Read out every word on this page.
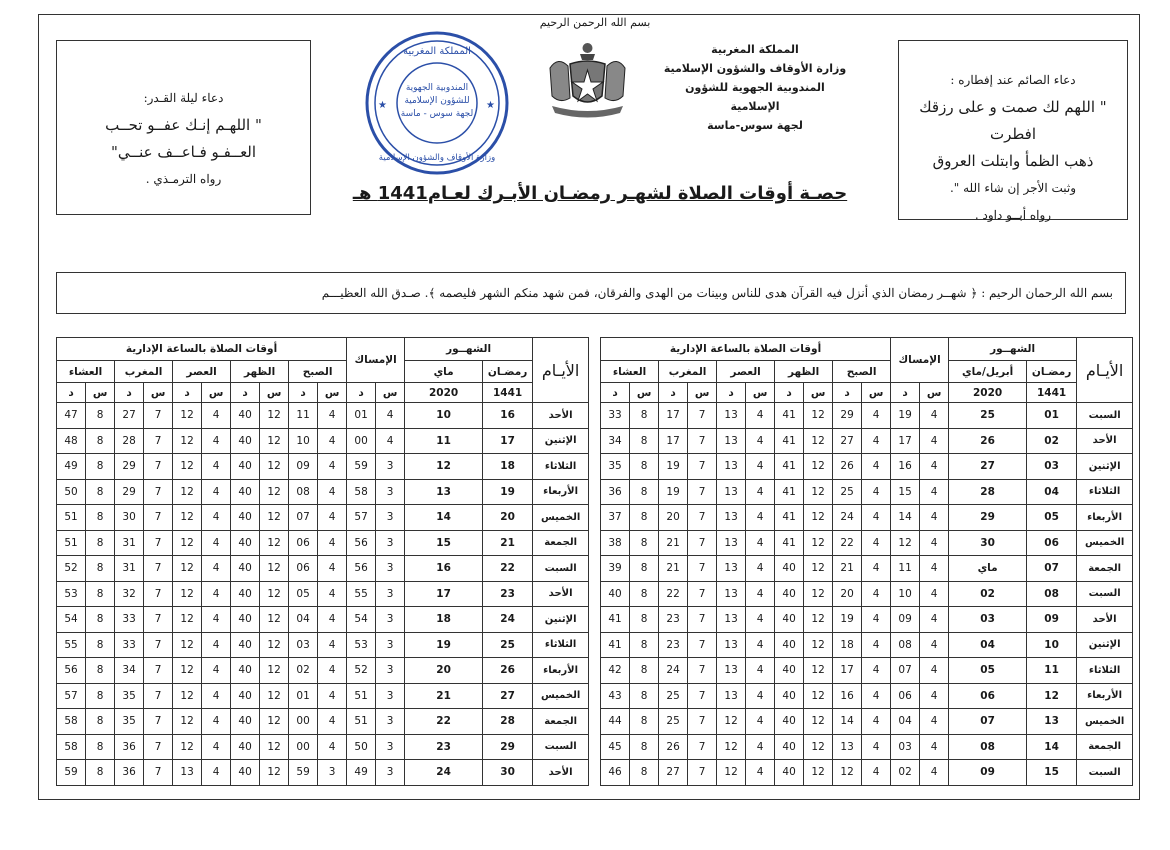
بسم الله الرحمن الرحيم
المملكة المغربية
وزارة الأوقاف والشؤون الإسلامية
المندوبية الجهوية للشؤون الإسلامية
لجهة سوس-ماسة
المملكة المغربية
المندوبية الجهوية
للشؤون الإسلامية
لجهة سوس - ماسة
وزارة الأوقاف والشؤون الإسلامية
★	★
دعاء الصائم عند إفطاره :
" اللهم لك صمت و على رزقك افطرت
ذهب الظمأ وابتلت العروق
وثبت الأجر إن شاء الله ".
رواه أبــو داود .
دعاء ليلة القـدر:
" اللهـم إنـك عفــو تحــب
العــفـو فـاعــف عنــي"
رواه الترمـذي .
حصـة أوقات الصلاة لشهـر رمضـان الأبـرك لعـام1441 هـ
بسم الله الرحمان الرحيم : ﴿ شهــر رمضان الذي أنزل فيه القرآن هدى للناس وبينات من الهدى والفرقان، فمن شهد منكم الشهر فليصمه ﴾. صـدق الله العظيـــم
الأيـام	الشهــور		الإمساك		أوقات الصلاة بالساعة الإدارية									
	رمضـان	أبريل/ماي			الصبح		الظهر		العصر		المغرب		العشاء	
	1441	2020	س	د	س	د	س	د	س	د	س	د	س	د
السبت	01	25	4	19	4	29	12	41	4	13	7	17	8	33
الأحد	02	26	4	17	4	27	12	41	4	13	7	17	8	34
الإثنين	03	27	4	16	4	26	12	41	4	13	7	19	8	35
الثلاثاء	04	28	4	15	4	25	12	41	4	13	7	19	8	36
الأربعاء	05	29	4	14	4	24	12	41	4	13	7	20	8	37
الخميس	06	30	4	12	4	22	12	41	4	13	7	21	8	38
الجمعة	07	ماي	4	11	4	21	12	40	4	13	7	21	8	39
السبت	08	02	4	10	4	20	12	40	4	13	7	22	8	40
الأحد	09	03	4	09	4	19	12	40	4	13	7	23	8	41
الإثنين	10	04	4	08	4	18	12	40	4	13	7	23	8	41
الثلاثاء	11	05	4	07	4	17	12	40	4	13	7	24	8	42
الأربعاء	12	06	4	06	4	16	12	40	4	13	7	25	8	43
الخميس	13	07	4	04	4	14	12	40	4	12	7	25	8	44
الجمعة	14	08	4	03	4	13	12	40	4	12	7	26	8	45
السبت	15	09	4	02	4	12	12	40	4	12	7	27	8	46
الأيـام	الشهــور		الإمساك		أوقات الصلاة بالساعة الإدارية									
	رمضـان	ماي			الصبح		الظهر		العصر		المغرب		العشاء	
	1441	2020	س	د	س	د	س	د	س	د	س	د	س	د
الأحد	16	10	4	01	4	11	12	40	4	12	7	27	8	47
الإثنين	17	11	4	00	4	10	12	40	4	12	7	28	8	48
الثلاثاء	18	12	3	59	4	09	12	40	4	12	7	29	8	49
الأربعاء	19	13	3	58	4	08	12	40	4	12	7	29	8	50
الخميس	20	14	3	57	4	07	12	40	4	12	7	30	8	51
الجمعة	21	15	3	56	4	06	12	40	4	12	7	31	8	51
السبت	22	16	3	56	4	06	12	40	4	12	7	31	8	52
الأحد	23	17	3	55	4	05	12	40	4	12	7	32	8	53
الإثنين	24	18	3	54	4	04	12	40	4	12	7	33	8	54
الثلاثاء	25	19	3	53	4	03	12	40	4	12	7	33	8	55
الأربعاء	26	20	3	52	4	02	12	40	4	12	7	34	8	56
الخميس	27	21	3	51	4	01	12	40	4	12	7	35	8	57
الجمعة	28	22	3	51	4	00	12	40	4	12	7	35	8	58
السبت	29	23	3	50	4	00	12	40	4	12	7	36	8	58
الأحد	30	24	3	49	3	59	12	40	4	13	7	36	8	59
